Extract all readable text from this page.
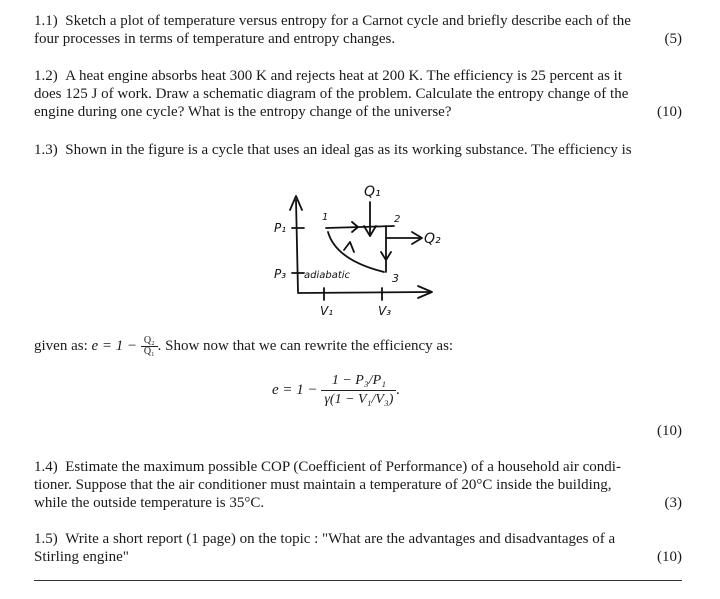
1.1) Sketch a plot of temperature versus entropy for a Carnot cycle and briefly describe each of the
four processes in terms of temperature and entropy changes.	(5)
1.2) A heat engine absorbs heat 300 K and rejects heat at 200 K. The efficiency is 25 percent as it
does 125 J of work. Draw a schematic diagram of the problem. Calculate the entropy change of the
engine during one cycle? What is the entropy change of the universe?	(10)
1.3) Shown in the figure is a cycle that uses an ideal gas as its working substance. The efficiency is
Q₁
Q₂
P₁
P₃
V₁	V₃
1	2
3
adiabatic
given as: $e = 1 - \frac{\text{Q₂}}{\text{Q₁}}$ . Show now that we can rewrite the efficiency as:
$e = 1 - \frac{\text{1 − P₃/P₁}}{\text{γ(1 − V₁/V₃)}}$ .
(10)
1.4) Estimate the maximum possible COP (Coefficient of Performance) of a household air condi-
tioner. Suppose that the air conditioner must maintain a temperature of 20°C inside the building,
while the outside temperature is 35°C.	(3)
1.5) Write a short report (1 page) on the topic : "What are the advantages and disadvantages of a
Stirling engine"	(10)
